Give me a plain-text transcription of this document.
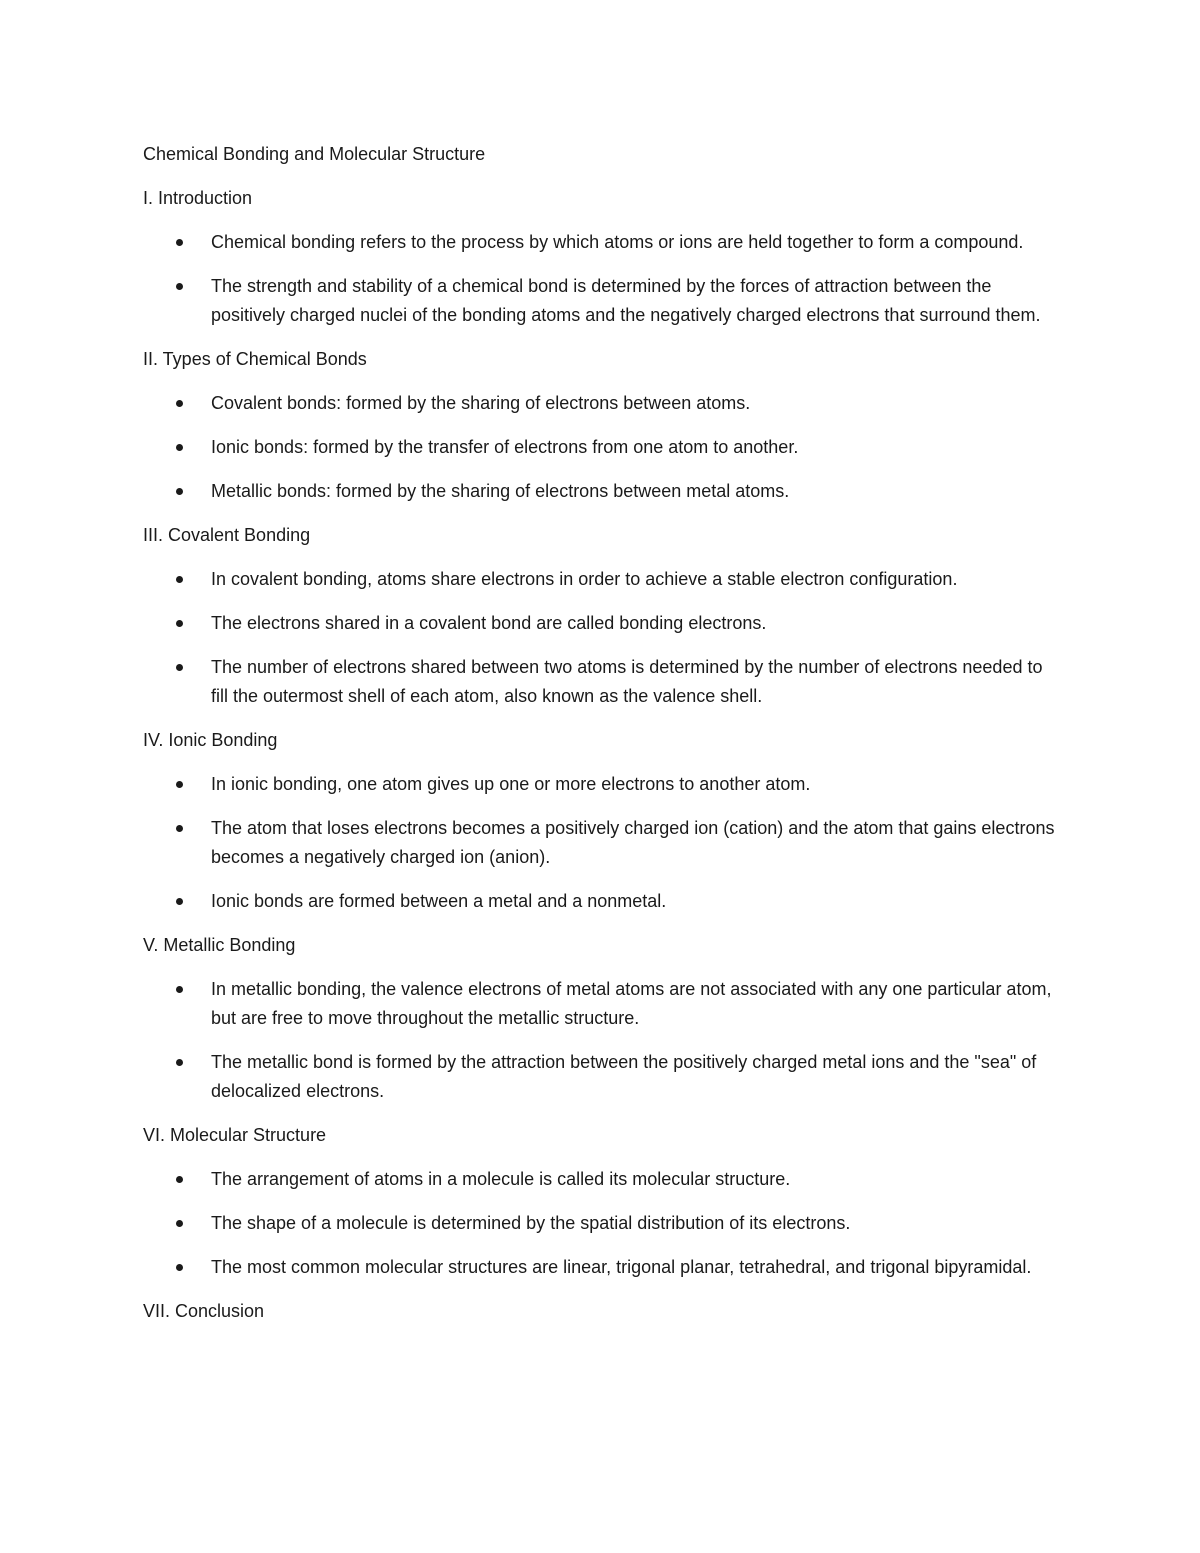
Chemical Bonding and Molecular Structure
I. Introduction
Chemical bonding refers to the process by which atoms or ions are held together to form a compound.
The strength and stability of a chemical bond is determined by the forces of attraction between the positively charged nuclei of the bonding atoms and the negatively charged electrons that surround them.
II. Types of Chemical Bonds
Covalent bonds: formed by the sharing of electrons between atoms.
Ionic bonds: formed by the transfer of electrons from one atom to another.
Metallic bonds: formed by the sharing of electrons between metal atoms.
III. Covalent Bonding
In covalent bonding, atoms share electrons in order to achieve a stable electron configuration.
The electrons shared in a covalent bond are called bonding electrons.
The number of electrons shared between two atoms is determined by the number of electrons needed to fill the outermost shell of each atom, also known as the valence shell.
IV. Ionic Bonding
In ionic bonding, one atom gives up one or more electrons to another atom.
The atom that loses electrons becomes a positively charged ion (cation) and the atom that gains electrons becomes a negatively charged ion (anion).
Ionic bonds are formed between a metal and a nonmetal.
V. Metallic Bonding
In metallic bonding, the valence electrons of metal atoms are not associated with any one particular atom, but are free to move throughout the metallic structure.
The metallic bond is formed by the attraction between the positively charged metal ions and the "sea" of delocalized electrons.
VI. Molecular Structure
The arrangement of atoms in a molecule is called its molecular structure.
The shape of a molecule is determined by the spatial distribution of its electrons.
The most common molecular structures are linear, trigonal planar, tetrahedral, and trigonal bipyramidal.
VII. Conclusion
